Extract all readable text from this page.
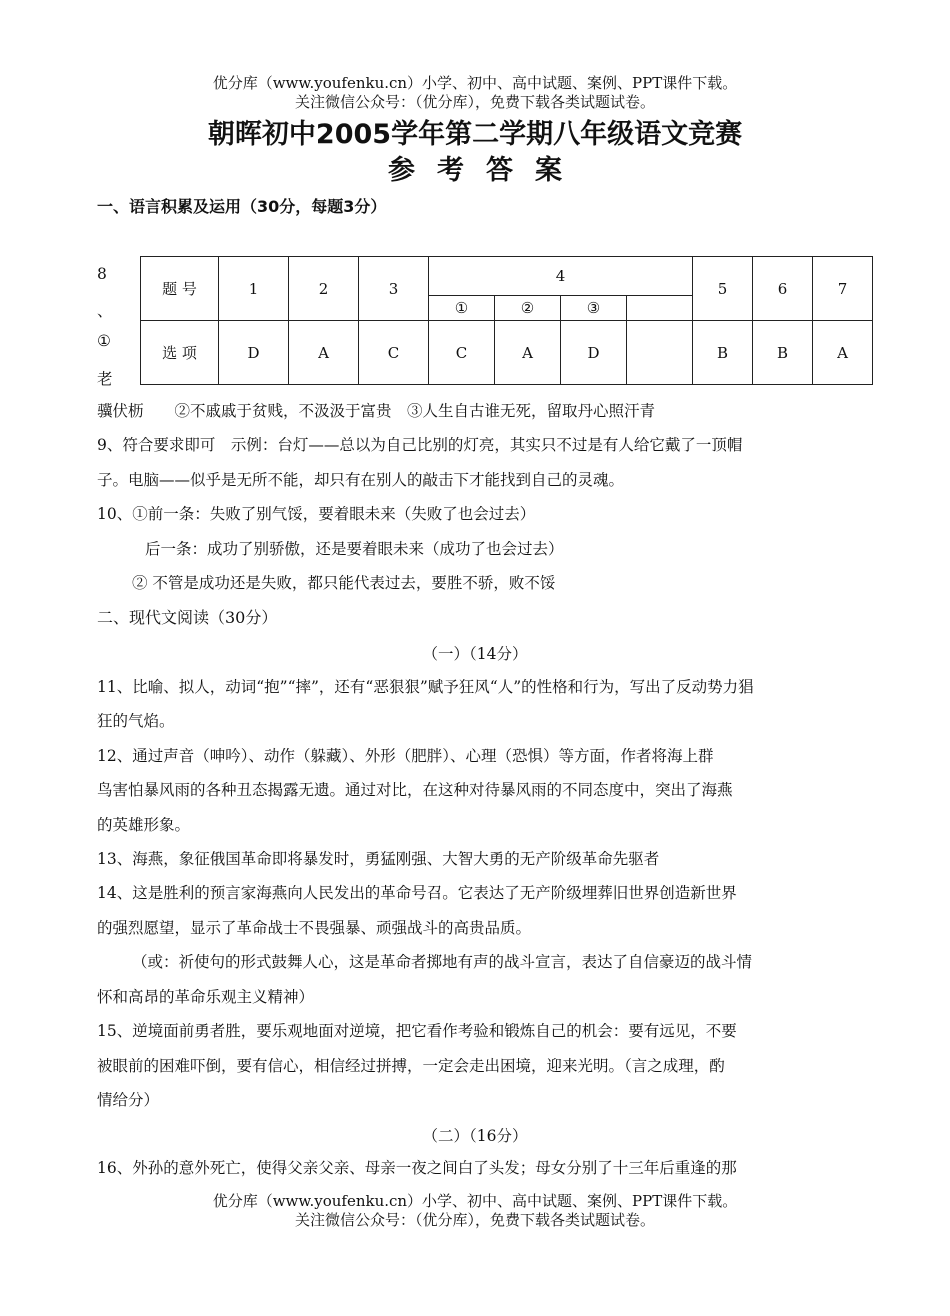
优分库（www.youfenku.cn）小学、初中、高中试题、案例、PPT课件下载。
关注微信公众号：（优分库），免费下载各类试题试卷。
朝晖初中2005学年第二学期八年级语文竞赛
参考答案
一、语言积累及运用（30分，每题3分）
8
、
①
老
题 号	1	2	3	4				5	6	7
				①	②	③				
选 项	D	A	C	C	A	D		B	B	A
骥伏枥　　②不戚戚于贫贱，不汲汲于富贵　③人生自古谁无死，留取丹心照汗青
9、符合要求即可　示例：台灯——总以为自己比别的灯亮，其实只不过是有人给它戴了一顶帽
子。电脑——似乎是无所不能，却只有在别人的敲击下才能找到自己的灵魂。
10、①前一条：失败了别气馁，要着眼未来（失败了也会过去）
后一条：成功了别骄傲，还是要着眼未来（成功了也会过去）
② 不管是成功还是失败，都只能代表过去，要胜不骄，败不馁
二、现代文阅读（30分）
（一）（14分）
11、比喻、拟人，动词“抱”“摔”，还有“恶狠狠”赋予狂风“人”的性格和行为，写出了反动势力猖
狂的气焰。
12、通过声音（呻吟）、动作（躲藏）、外形（肥胖）、心理（恐惧）等方面，作者将海上群
鸟害怕暴风雨的各种丑态揭露无遗。通过对比，在这种对待暴风雨的不同态度中，突出了海燕
的英雄形象。
13、海燕，象征俄国革命即将暴发时，勇猛刚强、大智大勇的无产阶级革命先驱者
14、这是胜利的预言家海燕向人民发出的革命号召。它表达了无产阶级埋葬旧世界创造新世界
的强烈愿望，显示了革命战士不畏强暴、顽强战斗的高贵品质。
（或：祈使句的形式鼓舞人心，这是革命者掷地有声的战斗宣言，表达了自信豪迈的战斗情
怀和高昂的革命乐观主义精神）
15、逆境面前勇者胜，要乐观地面对逆境，把它看作考验和锻炼自己的机会：要有远见，不要
被眼前的困难吓倒，要有信心，相信经过拼搏，一定会走出困境，迎来光明。（言之成理，酌
情给分）
（二）（16分）
16、外孙的意外死亡，使得父亲父亲、母亲一夜之间白了头发；母女分别了十三年后重逢的那
优分库（www.youfenku.cn）小学、初中、高中试题、案例、PPT课件下载。
关注微信公众号：（优分库），免费下载各类试题试卷。
